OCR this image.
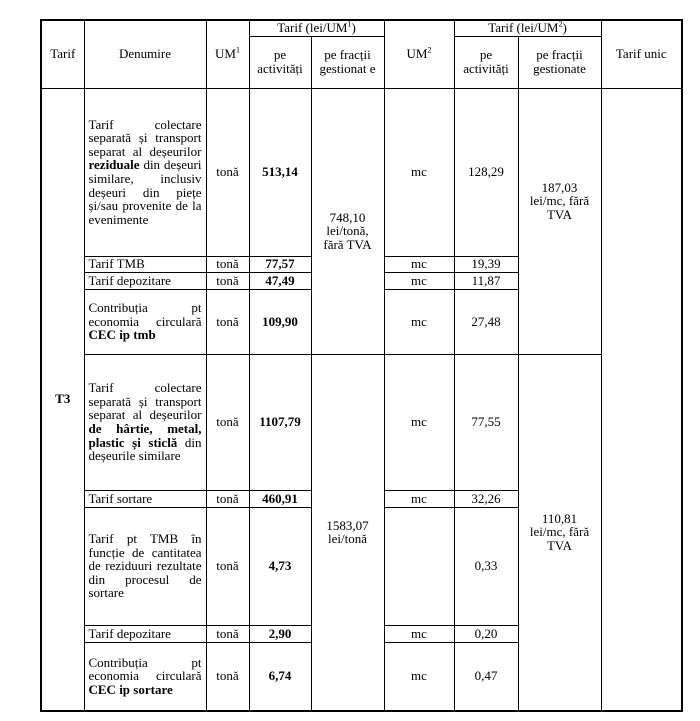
Tarif	Denumire	$UM^1$	Tarif $(lei/UM^1)$		$UM^2$	Tarif $(lei/UM^2)$		Tarif unic
			pe activități	pe fracții gestionat e		pe activități	pe fracții gestionate	
T3	Tarif colectare separată și transport separat al deșeurilor reziduale din deșeuri similare, inclusiv deșeuri din piețe și/sau provenite de la evenimente	tonă	513,14	748,10 lei/tonă, fără TVA	mc	128,29	187,03 lei/mc, fără TVA	
	Tarif TMB	tonă	77,57		mc	19,39		
	Tarif depozitare	tonă	47,49		mc	11,87		
	Contribuția pt economia circulară CEC ip tmb	tonă	109,90		mc	27,48		
	Tarif colectare separată și transport separat al deșeurilor de hârtie, metal, plastic și sticlă din deșeurile similare	tonă	1107,79	1583,07 lei/tonă	mc	77,55	110,81 lei/mc, fără TVA	
	Tarif sortare	tonă	460,91		mc	32,26		
	Tarif pt TMB în funcție de cantitatea de reziduuri rezultate din procesul de sortare	tonă	4,73			0,33		
	Tarif depozitare	tonă	2,90		mc	0,20		
	Contribuția pt economia circulară CEC ip sortare	tonă	6,74		mc	0,47		
